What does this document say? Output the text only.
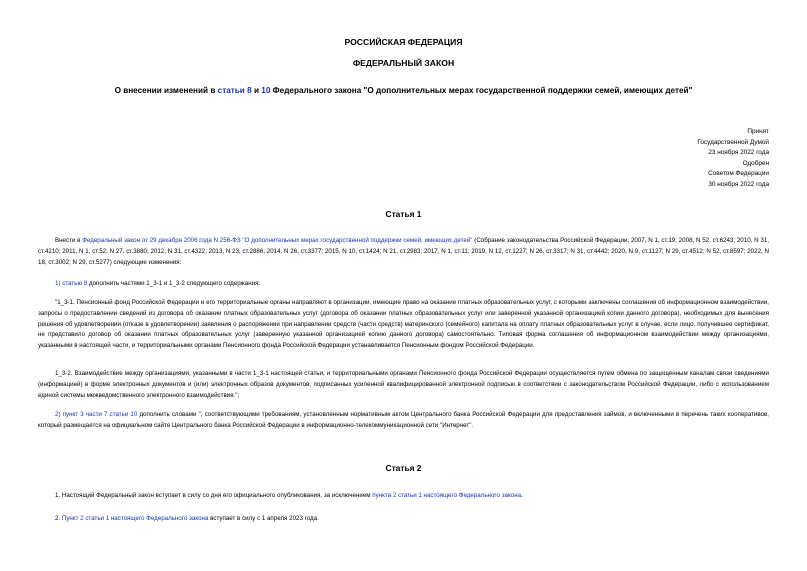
РОССИЙСКАЯ ФЕДЕРАЦИЯ
ФЕДЕРАЛЬНЫЙ ЗАКОН
О внесении изменений в статьи 8 и 10 Федерального закона "О дополнительных мерах государственной поддержки семей, имеющих детей"
Принят
Государственной Думой
23 ноября 2022 года
Одобрен
Советом Федерации
30 ноября 2022 года
Статья 1
Внести в Федеральный закон от 29 декабря 2006 года N 256-ФЗ "О дополнительных мерах государственной поддержки семей, имеющих детей" (Собрание законодательства Российской Федерации, 2007, N 1, ст.19; 2008, N 52, ст.6243; 2010, N 31, ст.4210; 2011, N 1, ст.52; N 27, ст.3880; 2012, N 31, ст.4322; 2013, N 23, ст.2886; 2014, N 26, ст.3377; 2015, N 10, ст.1424; N 21, ст.2983; 2017, N 1, ст.11; 2019, N 12, ст.1227; N 26, ст.3317; N 31, ст.4442; 2020, N 9, ст.1127; N 29, ст.4512; N 52, ст.8597; 2022, N 18, ст.3002; N 29, ст.5277) следующие изменения:
1) статью 8 дополнить частями 1_3-1 и 1_3-2 следующего содержания:
"1_3-1. Пенсионный фонд Российской Федерации и его территориальные органы направляют в организации, имеющие право на оказание платных образовательных услуг, с которыми заключены соглашения об информационном взаимодействии, запросы о предоставлении сведений из договора об оказании платных образовательных услуг (договора об оказании платных образовательных услуг или заверенной указанной организацией копии данного договора), необходимых для вынесения решения об удовлетворении (отказе в удовлетворении) заявления о распоряжении при направлении средств (части средств) материнского (семейного) капитала на оплату платных образовательных услуг в случае, если лицо, получившее сертификат, не представило договор об оказании платных образовательных услуг (заверенную указанной организацией копию данного договора) самостоятельно. Типовая форма соглашения об информационном взаимодействии между организациями, указанными в настоящей части, и территориальными органами Пенсионного фонда Российской Федерации устанавливается Пенсионным фондом Российской Федерации.
1_3-2. Взаимодействие между организациями, указанными в части 1_3-1 настоящей статьи, и территориальными органами Пенсионного фонда Российской Федерации осуществляется путем обмена по защищенным каналам связи сведениями (информацией) в форме электронных документов и (или) электронных образов документов, подписанных усиленной квалифицированной электронной подписью в соответствии с законодательством Российской Федерации, либо с использованием единой системы межведомственного электронного взаимодействия.";
2) пункт 3 части 7 статьи 10 дополнить словами ", соответствующими требованиям, установленным нормативным актом Центрального банка Российской Федерации для предоставления займов, и включенными в перечень таких кооперативов, который размещается на официальном сайте Центрального банка Российской Федерации в информационно-телекоммуникационной сети "Интернет".
Статья 2
1. Настоящий Федеральный закон вступает в силу со дня его официального опубликования, за исключением пункта 2 статьи 1 настоящего Федерального закона.
2. Пункт 2 статьи 1 настоящего Федерального закона вступает в силу с 1 апреля 2023 года.
